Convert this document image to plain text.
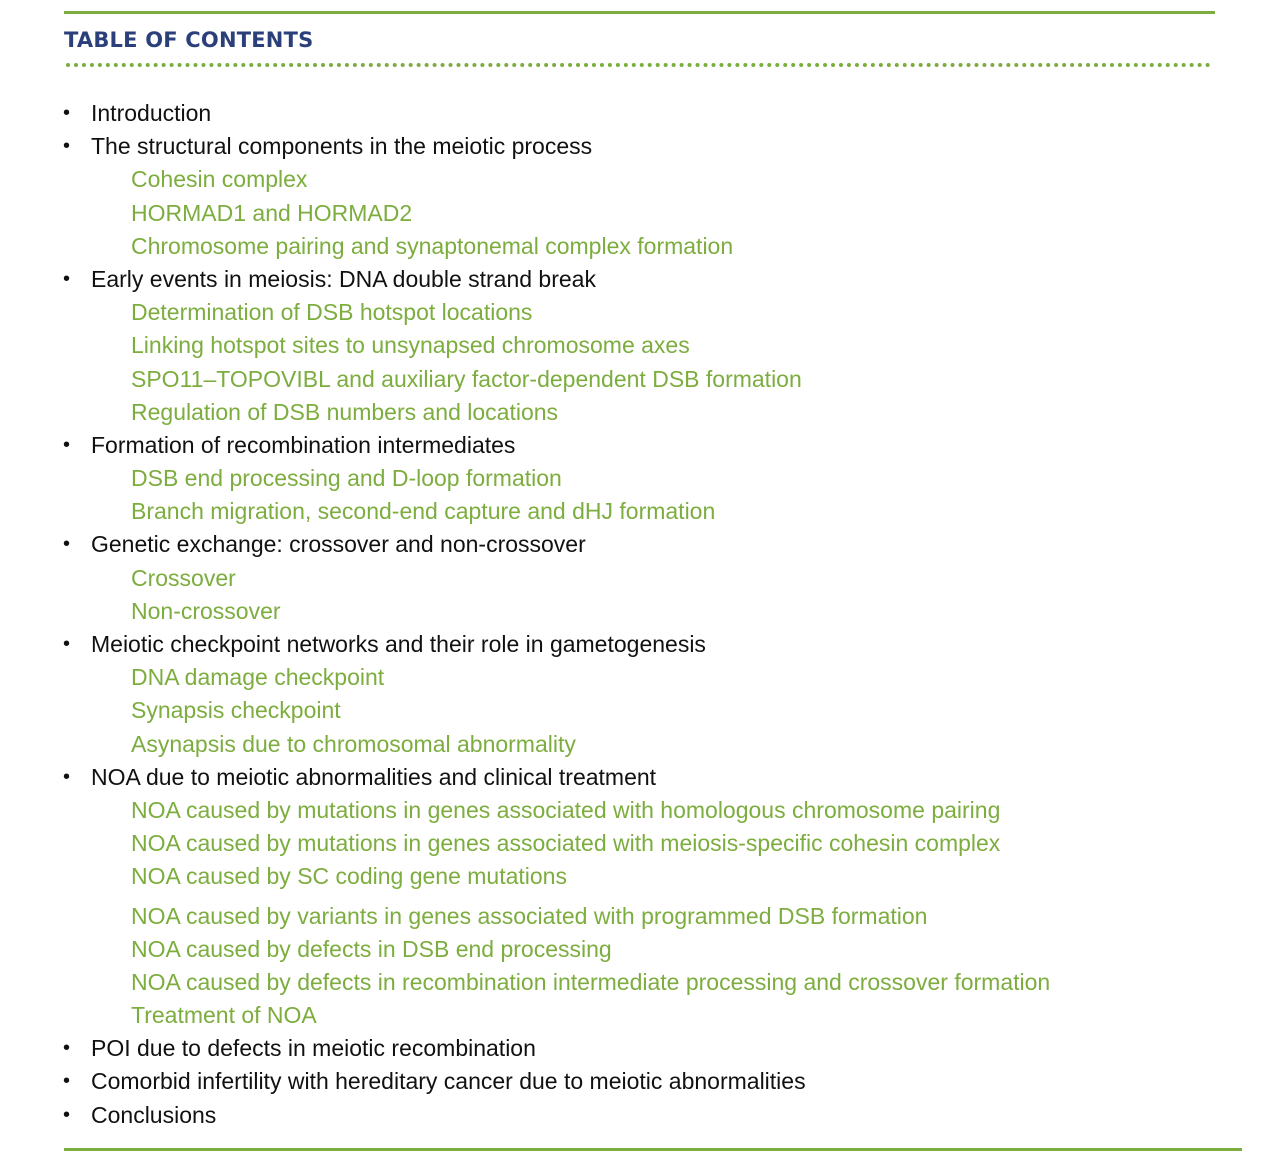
TABLE OF CONTENTS
• Introduction
• The structural components in the meiotic process
Cohesin complex
HORMAD1 and HORMAD2
Chromosome pairing and synaptonemal complex formation
• Early events in meiosis: DNA double strand break
Determination of DSB hotspot locations
Linking hotspot sites to unsynapsed chromosome axes
SPO11–TOPOVIBL and auxiliary factor-dependent DSB formation
Regulation of DSB numbers and locations
• Formation of recombination intermediates
DSB end processing and D-loop formation
Branch migration, second-end capture and dHJ formation
• Genetic exchange: crossover and non-crossover
Crossover
Non-crossover
• Meiotic checkpoint networks and their role in gametogenesis
DNA damage checkpoint
Synapsis checkpoint
Asynapsis due to chromosomal abnormality
• NOA due to meiotic abnormalities and clinical treatment
NOA caused by mutations in genes associated with homologous chromosome pairing
NOA caused by mutations in genes associated with meiosis-specific cohesin complex
NOA caused by SC coding gene mutations
NOA caused by variants in genes associated with programmed DSB formation
NOA caused by defects in DSB end processing
NOA caused by defects in recombination intermediate processing and crossover formation
Treatment of NOA
• POI due to defects in meiotic recombination
• Comorbid infertility with hereditary cancer due to meiotic abnormalities
• Conclusions
